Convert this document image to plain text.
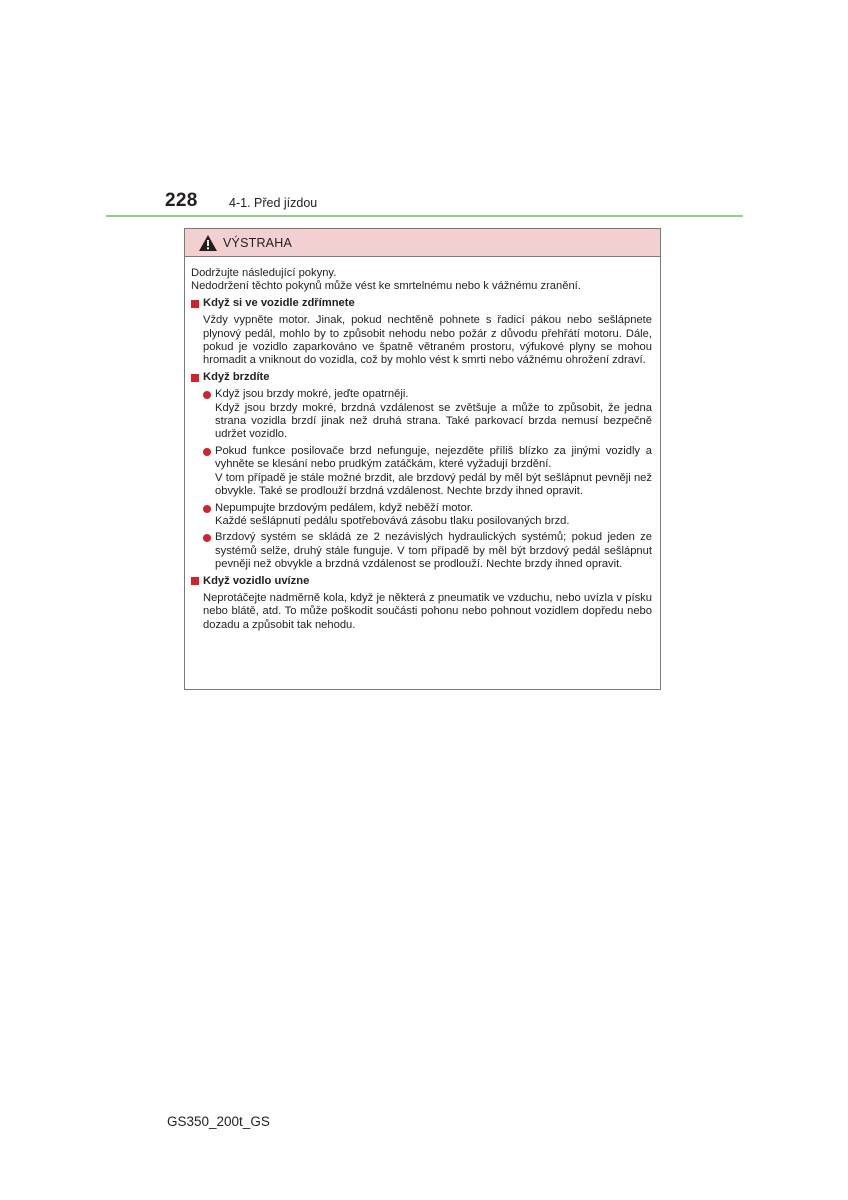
228	4-1. Před jízdou
VÝSTRAHA

Dodržujte následující pokyny.

Nedodržení těchto pokynů může vést ke smrtelnému nebo k vážnému zranění.

Když si ve vozidle zdřímnete

Vždy vypněte motor. Jinak, pokud nechtěně pohnete s řadicí pákou nebo sešlápnete plynový pedál, mohlo by to způsobit nehodu nebo požár z důvodu přehřátí motoru. Dále, pokud je vozidlo zaparkováno ve špatně větraném prostoru, výfukové plyny se mohou hromadit a vniknout do vozidla, což by mohlo vést k smrti nebo vážnému ohrožení zdraví.

Když brzdíte
Když jsou brzdy mokré, jeďte opatrněji.
Když jsou brzdy mokré, brzdná vzdálenost se zvětšuje a může to způsobit, že jedna strana vozidla brzdí jinak než druhá strana. Také parkovací brzda nemusí bezpečně udržet vozidlo.
Pokud funkce posilovače brzd nefunguje, nejezděte příliš blízko za jinými vozidly a vyhněte se klesání nebo prudkým zatáčkám, které vyžadují brzdění.
V tom případě je stále možné brzdit, ale brzdový pedál by měl být sešlápnut pevněji než obvykle. Také se prodlouží brzdná vzdálenost. Nechte brzdy ihned opravit.
Nepumpujte brzdovým pedálem, když neběží motor.
Každé sešlápnutí pedálu spotřebovává zásobu tlaku posilovaných brzd.
Brzdový systém se skládá ze 2 nezávislých hydraulických systémů; pokud jeden ze systémů selže, druhý stále funguje. V tom případě by měl být brzdový pedál sešlápnut pevněji než obvykle a brzdná vzdálenost se prodlouží. Nechte brzdy ihned opravit.
Když vozidlo uvízne

Neprotáčejte nadměrně kola, když je některá z pneumatik ve vzduchu, nebo uvízla v písku nebo blátě, atd. To může poškodit součásti pohonu nebo pohnout vozidlem dopředu nebo dozadu a způsobit tak nehodu.

GS350_200t_GS
